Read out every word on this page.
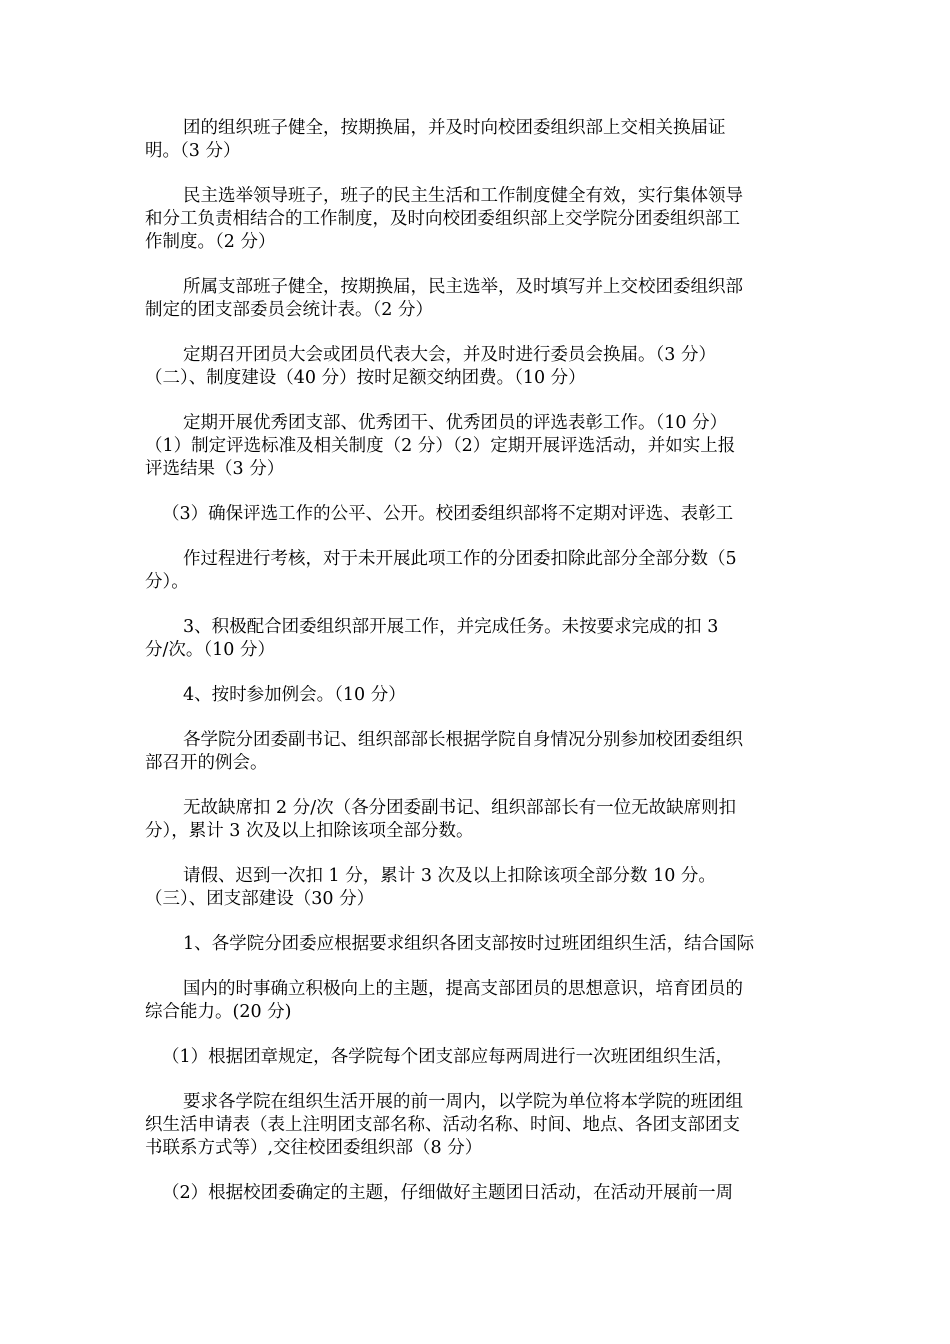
团的组织班子健全，按期换届，并及时向校团委组织部上交相关换届证

明。（3 分）

民主选举领导班子，班子的民主生活和工作制度健全有效，实行集体领导

和分工负责相结合的工作制度，及时向校团委组织部上交学院分团委组织部工

作制度。（2 分）

所属支部班子健全，按期换届，民主选举，及时填写并上交校团委组织部

制定的团支部委员会统计表。（2 分）

定期召开团员大会或团员代表大会，并及时进行委员会换届。（3 分）

（二）、制度建设（40 分）按时足额交纳团费。（10 分）

定期开展优秀团支部、优秀团干、优秀团员的评选表彰工作。（10 分）

（1）制定评选标准及相关制度（2 分）（2）定期开展评选活动，并如实上报

评选结果（3 分）

（3）确保评选工作的公平、公开。校团委组织部将不定期对评选、表彰工

作过程进行考核，对于未开展此项工作的分团委扣除此部分全部分数（5

分）。

3、积极配合团委组织部开展工作，并完成任务。未按要求完成的扣 3

分/次。（10 分）

4、按时参加例会。（10 分）

各学院分团委副书记、组织部部长根据学院自身情况分别参加校团委组织

部召开的例会。

无故缺席扣 2 分/次（各分团委副书记、组织部部长有一位无故缺席则扣

分），累计 3 次及以上扣除该项全部分数。

请假、迟到一次扣 1 分，累计 3 次及以上扣除该项全部分数 10 分。

（三）、团支部建设（30 分）

1、各学院分团委应根据要求组织各团支部按时过班团组织生活，结合国际

国内的时事确立积极向上的主题，提高支部团员的思想意识，培育团员的

综合能力。(20 分)

（1）根据团章规定，各学院每个团支部应每两周进行一次班团组织生活，

要求各学院在组织生活开展的前一周内，以学院为单位将本学院的班团组

织生活申请表（表上注明团支部名称、活动名称、时间、地点、各团支部团支

书联系方式等）,交往校团委组织部（8 分）

（2）根据校团委确定的主题，仔细做好主题团日活动，在活动开展前一周
